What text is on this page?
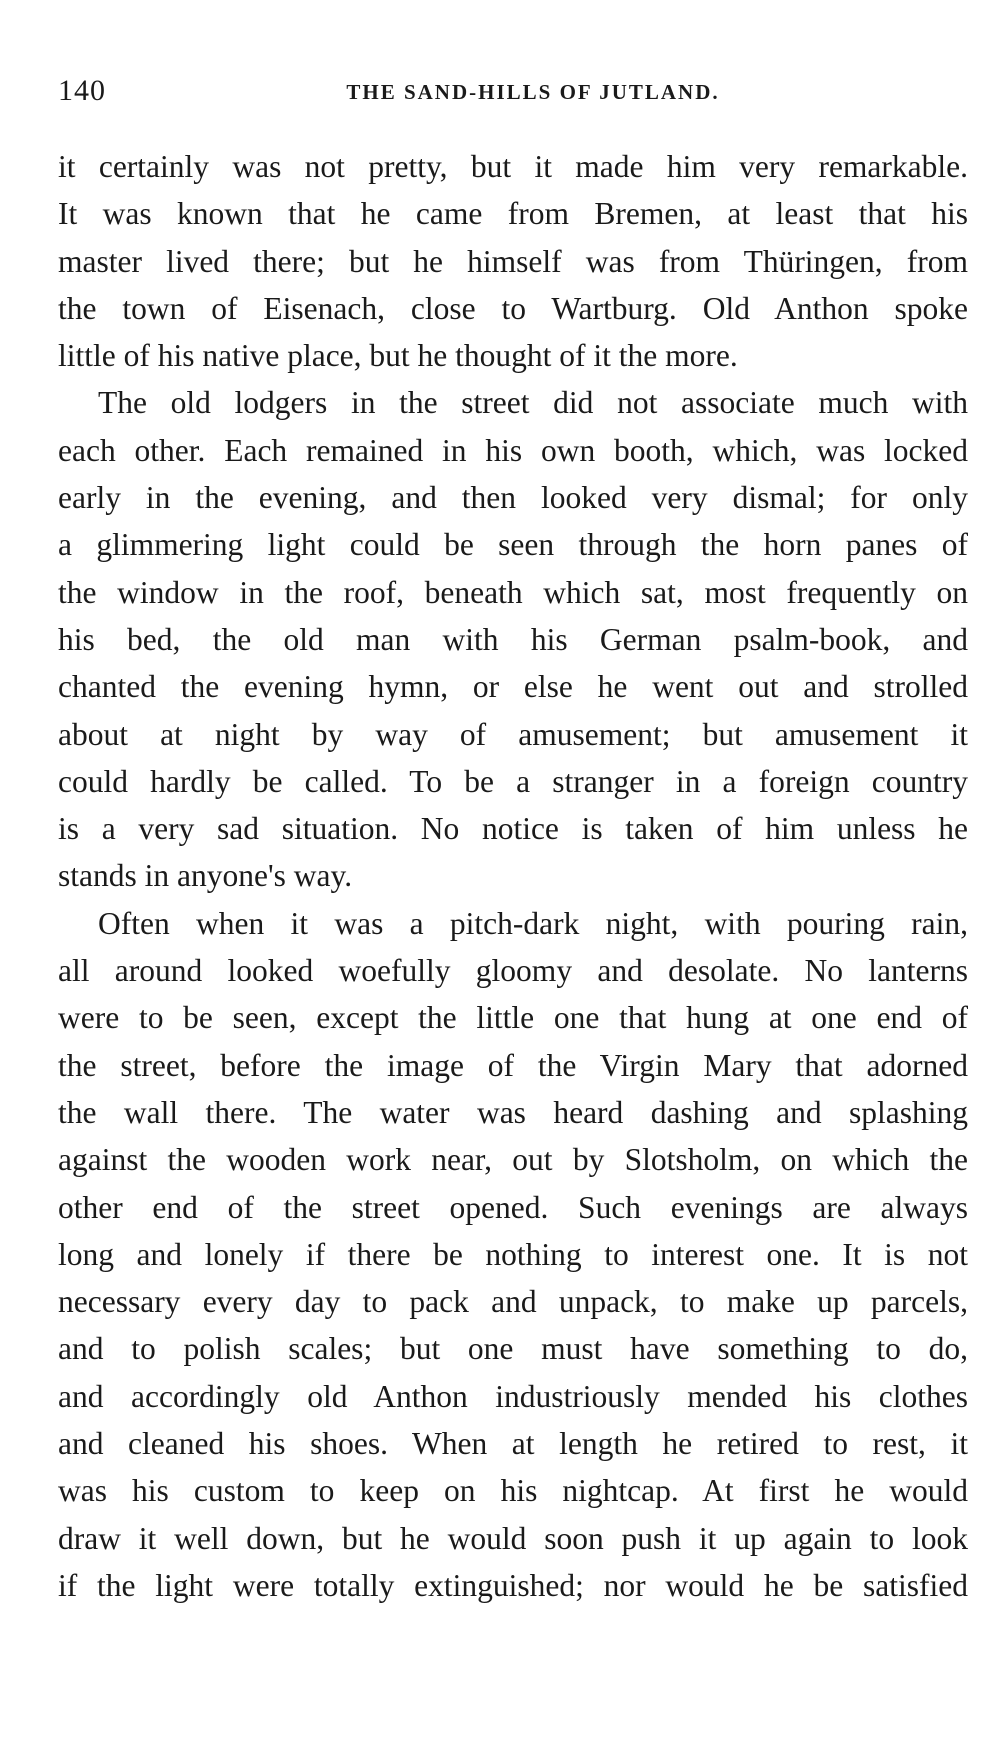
140	THE SAND-HILLS OF JUTLAND.
it certainly was not pretty, but it made him very remarkable.
It was known that he came from Bremen, at least that his
master lived there; but he himself was from Thüringen, from
the town of Eisenach, close to Wartburg. Old Anthon spoke
little of his native place, but he thought of it the more.
The old lodgers in the street did not associate much with
each other. Each remained in his own booth, which, was locked
early in the evening, and then looked very dismal; for only
a glimmering light could be seen through the horn panes of
the window in the roof, beneath which sat, most frequently on
his bed, the old man with his German psalm-book, and
chanted the evening hymn, or else he went out and strolled
about at night by way of amusement; but amusement it
could hardly be called. To be a stranger in a foreign country
is a very sad situation. No notice is taken of him unless he
stands in anyone's way.
Often when it was a pitch-dark night, with pouring rain,
all around looked woefully gloomy and desolate. No lanterns
were to be seen, except the little one that hung at one end of
the street, before the image of the Virgin Mary that adorned
the wall there. The water was heard dashing and splashing
against the wooden work near, out by Slotsholm, on which the
other end of the street opened. Such evenings are always
long and lonely if there be nothing to interest one. It is not
necessary every day to pack and unpack, to make up parcels,
and to polish scales; but one must have something to do,
and accordingly old Anthon industriously mended his clothes
and cleaned his shoes. When at length he retired to rest, it
was his custom to keep on his nightcap. At first he would
draw it well down, but he would soon push it up again to look
if the light were totally extinguished; nor would he be satisfied
